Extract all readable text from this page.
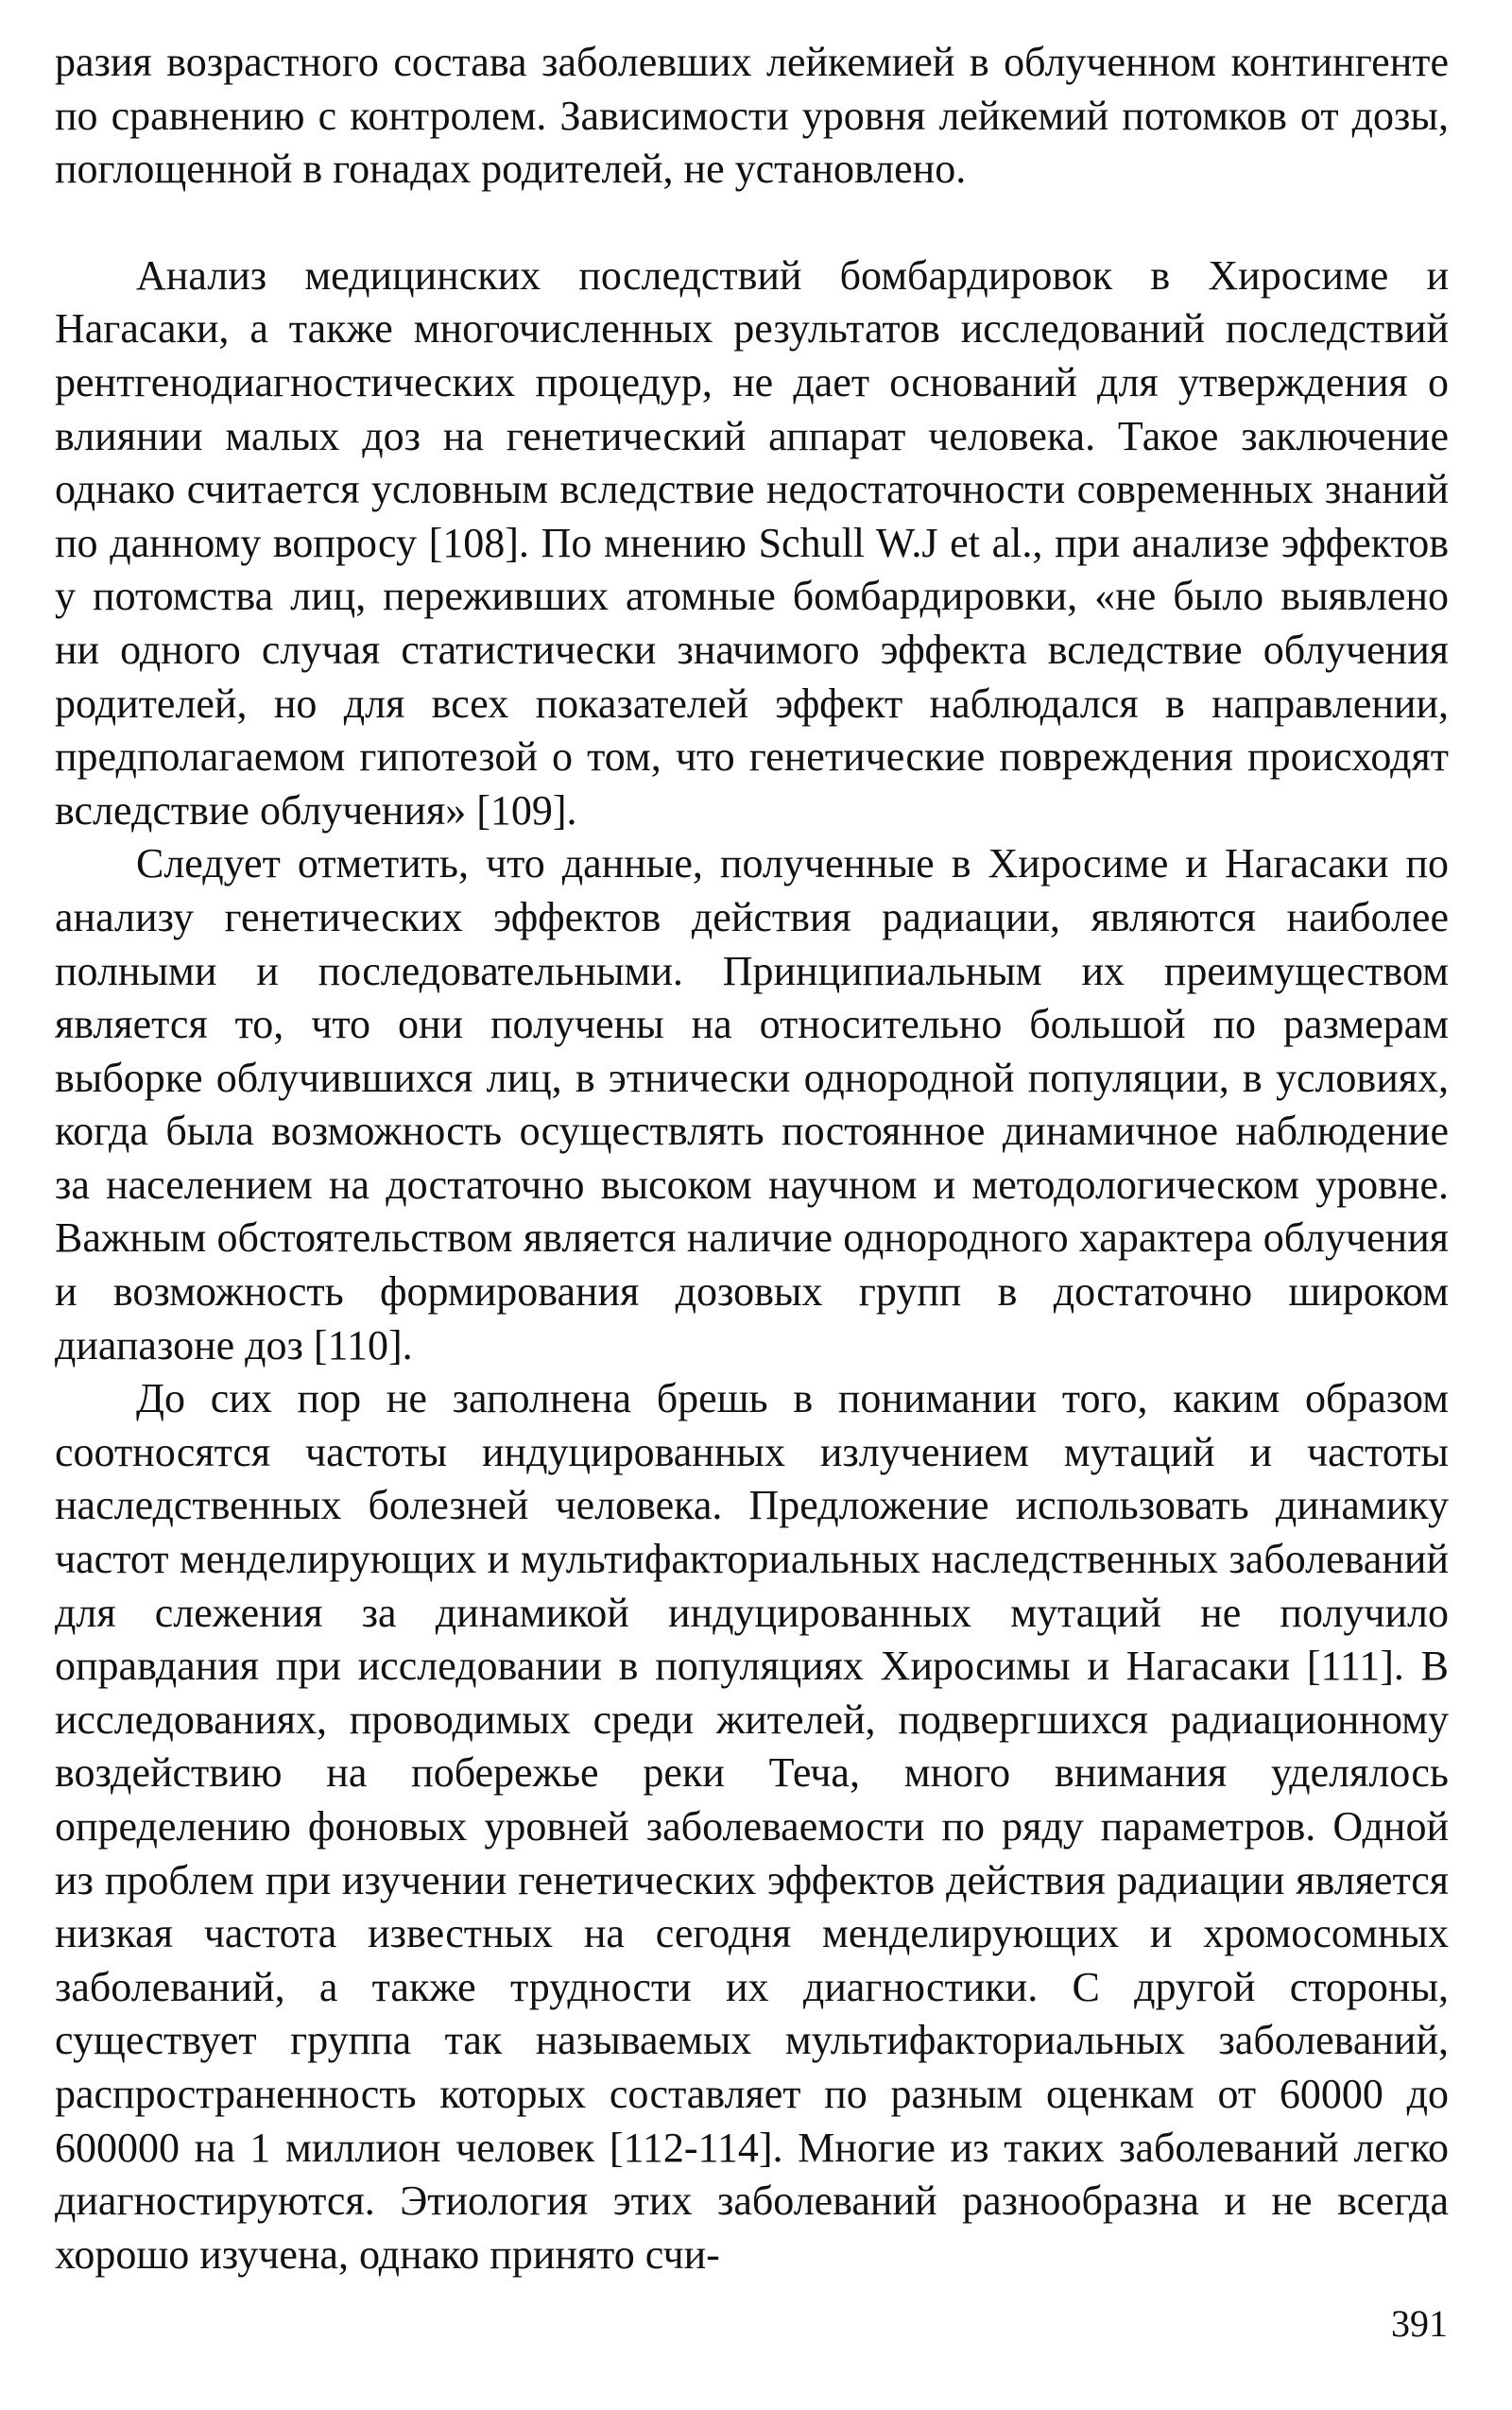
разия возрастного состава заболевших лейкемией в облученном контингенте по сравнению с контролем. Зависимости уровня лейкемий потомков от дозы, поглощенной в гонадах родителей, не установлено.

Анализ медицинских последствий бомбардировок в Хиросиме и Нагасаки, а также многочисленных результатов исследований последствий рентгенодиагностических процедур, не дает оснований для утверждения о влиянии малых доз на генетический аппарат человека. Такое заключение однако считается условным вследствие недостаточности современных знаний по данному вопросу [108]. По мнению Schull W.J et al., при анализе эффектов у потомства лиц, переживших атомные бомбардировки, «не было выявлено ни одного случая статистически значимого эффекта вследствие облучения родителей, но для всех показателей эффект наблюдался в направлении, предполагаемом гипотезой о том, что генетические повреждения происходят вследствие облучения» [109].

Следует отметить, что данные, полученные в Хиросиме и Нагасаки по анализу генетических эффектов действия радиации, являются наиболее полными и последовательными. Принципиальным их преимуществом является то, что они получены на относительно большой по размерам выборке облучившихся лиц, в этнически однородной популяции, в условиях, когда была возможность осуществлять постоянное динамичное наблюдение за населением на достаточно высоком научном и методологическом уровне. Важным обстоятельством является наличие однородного характера облучения и возможность формирования дозовых групп в достаточно широком диапазоне доз [110].

До сих пор не заполнена брешь в понимании того, каким образом соотносятся частоты индуцированных излучением мутаций и частоты наследственных болезней человека. Предложение использовать динамику частот менделирующих и мультифакториальных наследственных заболеваний для слежения за динамикой индуцированных мутаций не получило оправдания при исследовании в популяциях Хиросимы и Нагасаки [111]. В исследованиях, проводимых среди жителей, подвергшихся радиационному воздействию на побережье реки Теча, много внимания уделялось определению фоновых уровней заболеваемости по ряду параметров. Одной из проблем при изучении генетических эффектов действия радиации является низкая частота известных на сегодня менделирующих и хромосомных заболеваний, а также трудности их диагностики. С другой стороны, существует группа так называемых мультифакториальных заболеваний, распространенность которых составляет по разным оценкам от 60000 до 600000 на 1 миллион человек [112-114]. Многие из таких заболеваний легко диагностируются. Этиология этих заболеваний разнообразна и не всегда хорошо изучена, однако принято счи-

391
